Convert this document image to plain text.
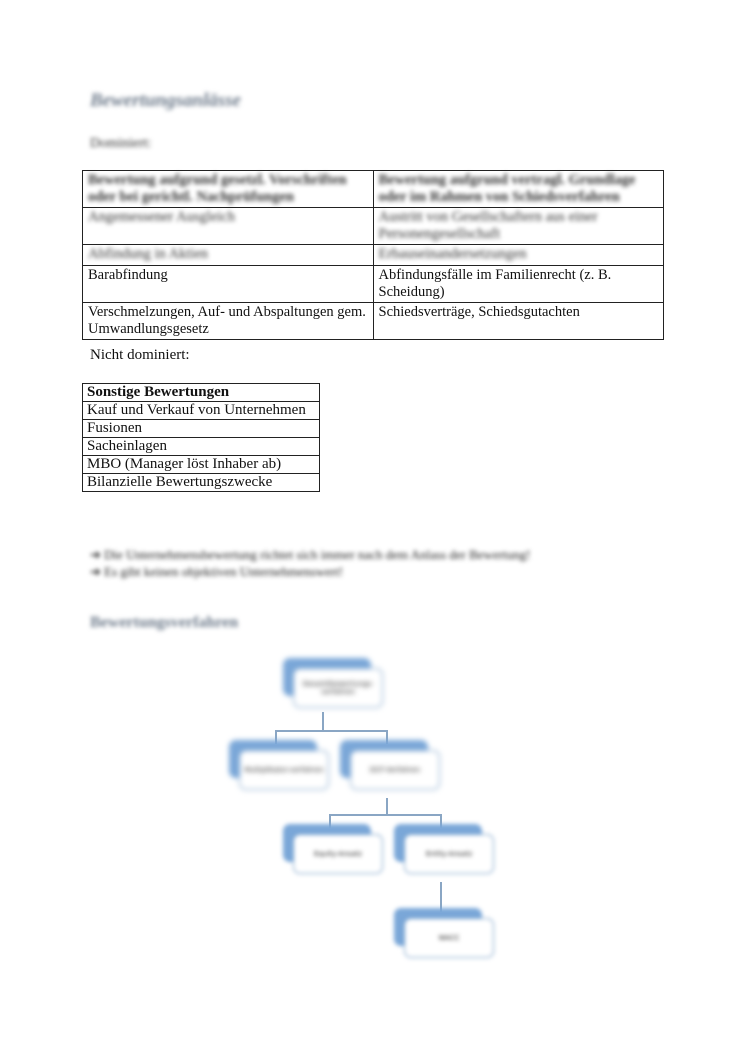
Bewertungsanlässe
Dominiert:
Bewertung aufgrund gesetzl. Vorschriften oder bei gerichtl. Nachprüfungen	Bewertung aufgrund vertragl. Grundlage oder im Rahmen von Schiedsverfahren
Angemessener Ausgleich	Austritt von Gesellschaftern aus einer Personengesellschaft
Abfindung in Aktien	Erbauseinandersetzungen
Barabfindung	Abfindungsfälle im Familienrecht (z. B. Scheidung)
Verschmelzungen, Auf- und Abspaltungen gem. Umwandlungsgesetz	Schiedsverträge, Schiedsgutachten
Nicht dominiert:
Sonstige Bewertungen
Kauf und Verkauf von Unternehmen
Fusionen
Sacheinlagen
MBO (Manager löst Inhaber ab)
Bilanzielle Bewertungszwecke
➔ Die Unternehmensbewertung richtet sich immer nach dem Anlass der Bewertung!
➔ Es gibt keinen objektiven Unternehmenswert!
Bewertungsverfahren
Gesamtbewertungs-verfahren
Multiplikator-verfahren	DCF-Verfahren
Equity-Ansatz	Entity-Ansatz
WACC
